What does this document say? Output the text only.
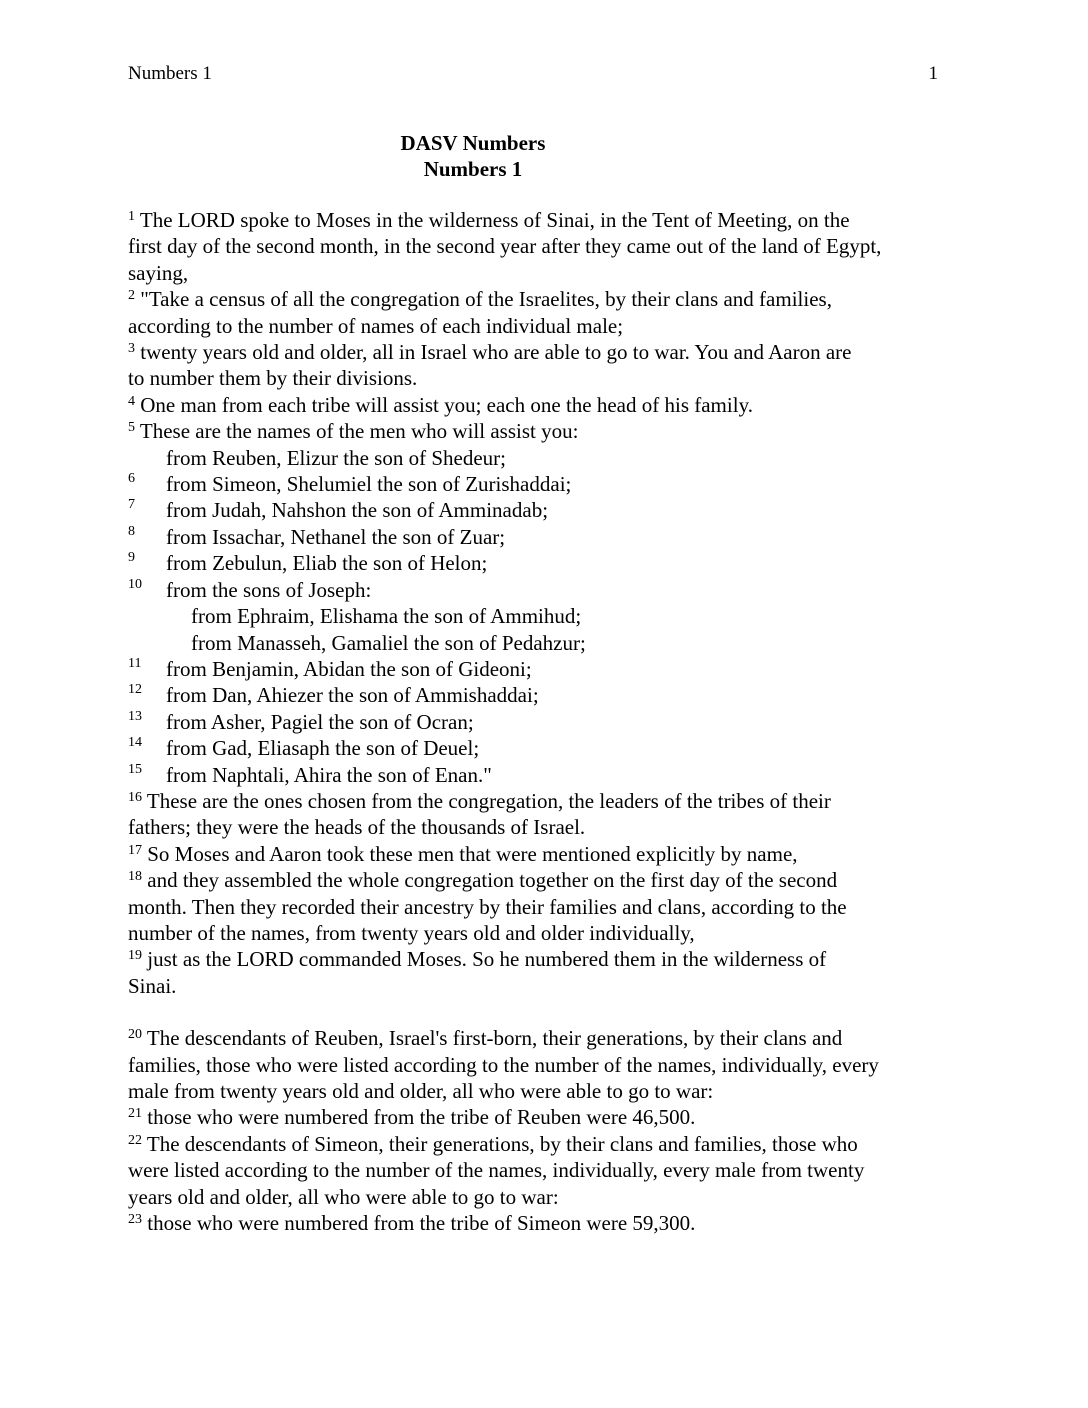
Numbers 1	1
DASV Numbers
Numbers 1
$^1$ The LORD spoke to Moses in the wilderness of Sinai, in the Tent of Meeting, on the
first day of the second month, in the second year after they came out of the land of Egypt,
saying,
$^2$ "Take a census of all the congregation of the Israelites, by their clans and families,
according to the number of names of each individual male;
$^3$ twenty years old and older, all in Israel who are able to go to war. You and Aaron are
to number them by their divisions.
$^4$ One man from each tribe will assist you; each one the head of his family.
$^5$ These are the names of the men who will assist you:
from Reuben, Elizur the son of Shedeur;
6 from Simeon, Shelumiel the son of Zurishaddai;
7 from Judah, Nahshon the son of Amminadab;
8 from Issachar, Nethanel the son of Zuar;
9 from Zebulun, Eliab the son of Helon;
10 from the sons of Joseph:
from Ephraim, Elishama the son of Ammihud;
from Manasseh, Gamaliel the son of Pedahzur;
11 from Benjamin, Abidan the son of Gideoni;
12 from Dan, Ahiezer the son of Ammishaddai;
13 from Asher, Pagiel the son of Ocran;
14 from Gad, Eliasaph the son of Deuel;
15 from Naphtali, Ahira the son of Enan."
$^{16}$ These are the ones chosen from the congregation, the leaders of the tribes of their
fathers; they were the heads of the thousands of Israel.
$^{17}$ So Moses and Aaron took these men that were mentioned explicitly by name,
$^{18}$ and they assembled the whole congregation together on the first day of the second
month. Then they recorded their ancestry by their families and clans, according to the
number of the names, from twenty years old and older individually,
$^{19}$ just as the LORD commanded Moses. So he numbered them in the wilderness of
Sinai.
$^{20}$ The descendants of Reuben, Israel's first-born, their generations, by their clans and
families, those who were listed according to the number of the names, individually, every
male from twenty years old and older, all who were able to go to war:
$^{21}$ those who were numbered from the tribe of Reuben were 46,500.
$^{22}$ The descendants of Simeon, their generations, by their clans and families, those who
were listed according to the number of the names, individually, every male from twenty
years old and older, all who were able to go to war:
$^{23}$ those who were numbered from the tribe of Simeon were 59,300.
